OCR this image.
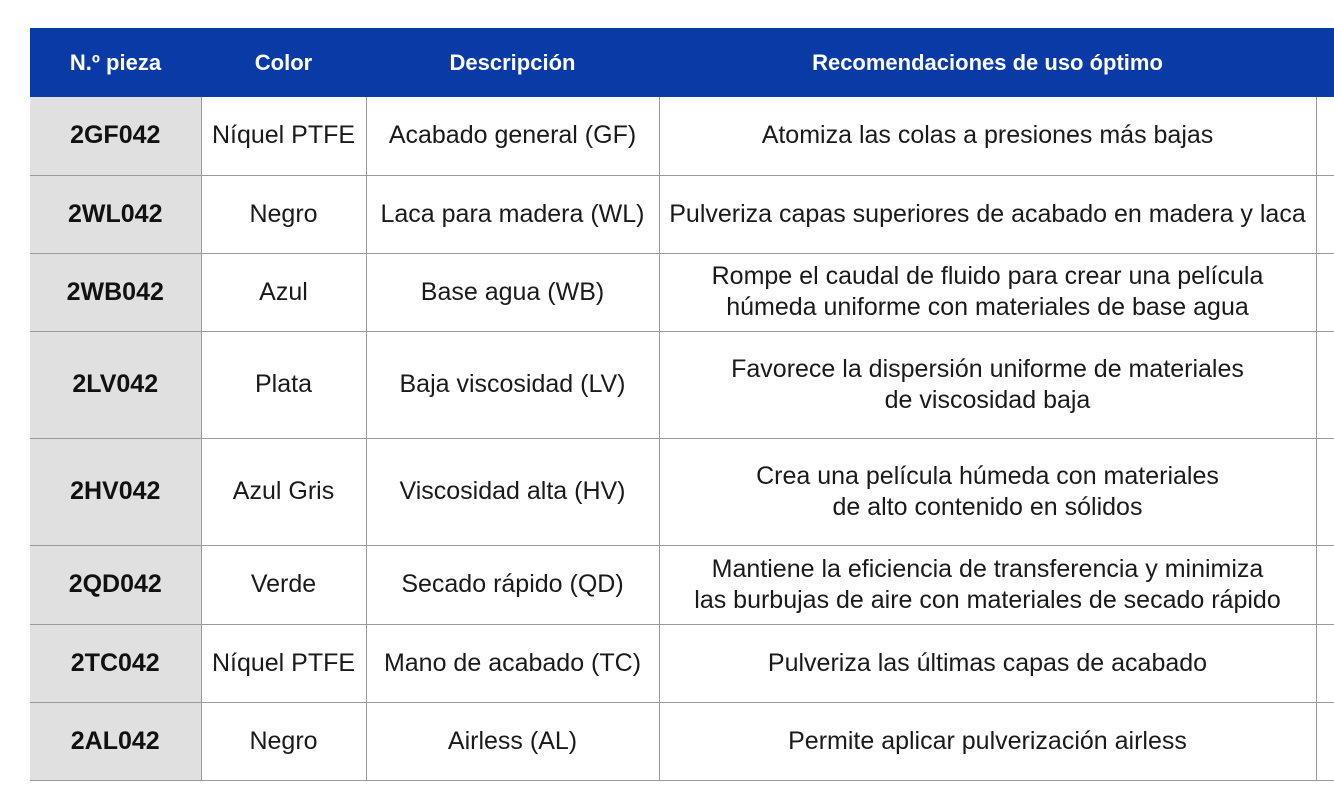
N.º pieza	Color	Descripción	Recomendaciones de uso óptimo	
2GF042	Níquel PTFE	Acabado general (GF)	Atomiza las colas a presiones más bajas	

2WL042	Negro	Laca para madera (WL)	Pulveriza capas superiores de acabado en madera y laca	

2WB042	Azul	Base agua (WB)	Rompe el caudal de fluido para crear una película
húmeda uniforme con materiales de base agua	

2LV042	Plata	Baja viscosidad (LV)	Favorece la dispersión uniforme de materiales
de viscosidad baja	

2HV042	Azul Gris	Viscosidad alta (HV)	Crea una película húmeda con materiales
de alto contenido en sólidos	

2QD042	Verde	Secado rápido (QD)	Mantiene la eficiencia de transferencia y minimiza
las burbujas de aire con materiales de secado rápido	

2TC042	Níquel PTFE	Mano de acabado (TC)	Pulveriza las últimas capas de acabado	

2AL042	Negro	Airless (AL)	Permite aplicar pulverización airless	
